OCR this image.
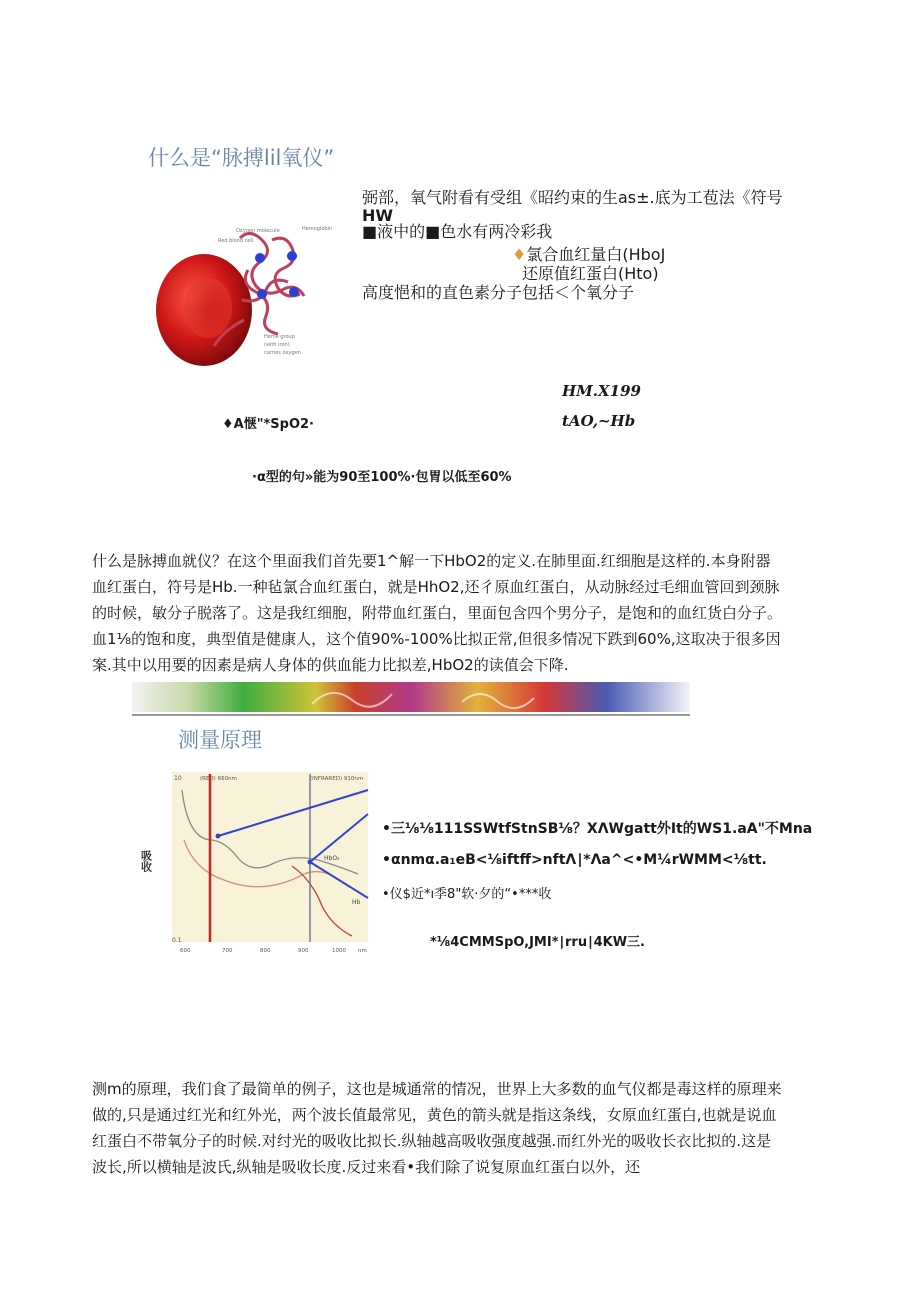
什么是“脉搏lil氧仪”
Oxygen molecule	Hemoglobin
Red blood cell
Heme group
(with iron)
carries oxygen
弼部，氧气附看有受组《昭约束的生as±.底为工苞法《符号
HW
■液中的■色水有两冷彩我
♦氯合血红量白(HboJ
还原值红蛋白(Hto)
高度悒和的直色素分子包括＜个氧分子
HM.X199
tAO,~Hb
♦A惬"*SpO2·
·α型的句»能为90至100%·包胃以低至60%
什么是脉搏血就仪？在这个里面我们首先要1^解一下HbO2的定义.在肺里面.红细胞是这样的.本身附器血红蛋白，符号是Hb.一种毡氯合血红蛋白，就是HhO2,还彳原血红蛋白，从动脉经过毛细血管回到颈脉的时候，敏分子脱落了。这是我红细胞，附带血红蛋白，里面包含四个男分子，是饱和的血红货白分子。血1⅛的饱和度，典型值是健康人，这个值90%-100%比拟正常,但很多情况下跌到60%,这取决于很多因案.其中以用要的因素是病人身体的供血能力比拟差,HbO2的读值会下降.
测量原理
吸收
10
0.1
(RED) 660nm	(INFRARED) 910nm
HbO₂
Hb
600	700	800	900	1000 nm
•三⅛⅛111SSWtfStnSB⅛？XΛWgatt外It的WS1.aA"不Mna
•αnmα.a₁eB<⅛iftff>nftΛ∣*Λa^<•M¼rWMM<⅛tt.
•仪$近*ı季8"软·夕的“•***收
*⅛4CMMSpO,JMI*∣rru∣4KW三.
测m的原理，我们食了最简单的例子，这也是城通常的情况，世界上大多数的血气仪都是毒这样的原理来做的,只是通过红光和红外光，两个波长值最常见，黄色的箭头就是指这条线，女原血红蛋白,也就是说血红蛋白不带氧分子的时候.对纣光的吸收比拟长.纵轴越高吸收强度越强.而红外光的吸收长衣比拟的.这是波长,所以横轴是波氏,纵轴是吸收长度.反过来看•我们除了说复原血红蛋白以外，还
